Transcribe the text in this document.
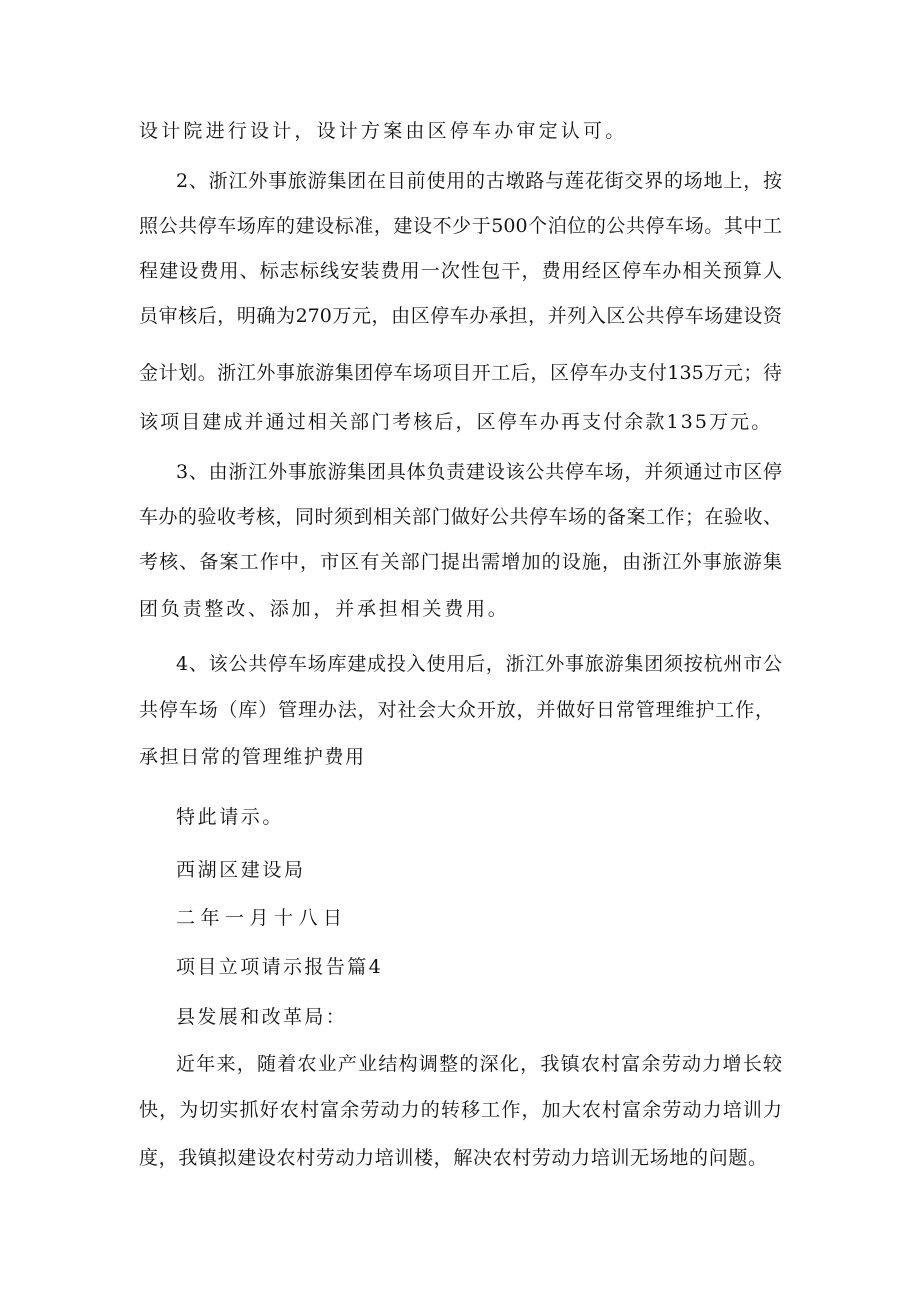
设计院进行设计，设计方案由区停车办审定认可。
2、浙江外事旅游集团在目前使用的古墩路与莲花街交界的场地上，按
照公共停车场库的建设标准，建设不少于500个泊位的公共停车场。其中工
程建设费用、标志标线安装费用一次性包干，费用经区停车办相关预算人
员审核后，明确为270万元，由区停车办承担，并列入区公共停车场建设资
金计划。浙江外事旅游集团停车场项目开工后，区停车办支付135万元；待
该项目建成并通过相关部门考核后，区停车办再支付余款135万元。
3、由浙江外事旅游集团具体负责建设该公共停车场，并须通过市区停
车办的验收考核，同时须到相关部门做好公共停车场的备案工作；在验收、
考核、备案工作中，市区有关部门提出需增加的设施，由浙江外事旅游集
团负责整改、添加，并承担相关费用。
4、该公共停车场库建成投入使用后，浙江外事旅游集团须按杭州市公
共停车场（库）管理办法，对社会大众开放，并做好日常管理维护工作，
承担日常的管理维护费用
特此请示。
西湖区建设局
二年一月十八日
项目立项请示报告篇4
县发展和改革局：
近年来，随着农业产业结构调整的深化，我镇农村富余劳动力增长较
快，为切实抓好农村富余劳动力的转移工作，加大农村富余劳动力培训力
度，我镇拟建设农村劳动力培训楼，解决农村劳动力培训无场地的问题。
